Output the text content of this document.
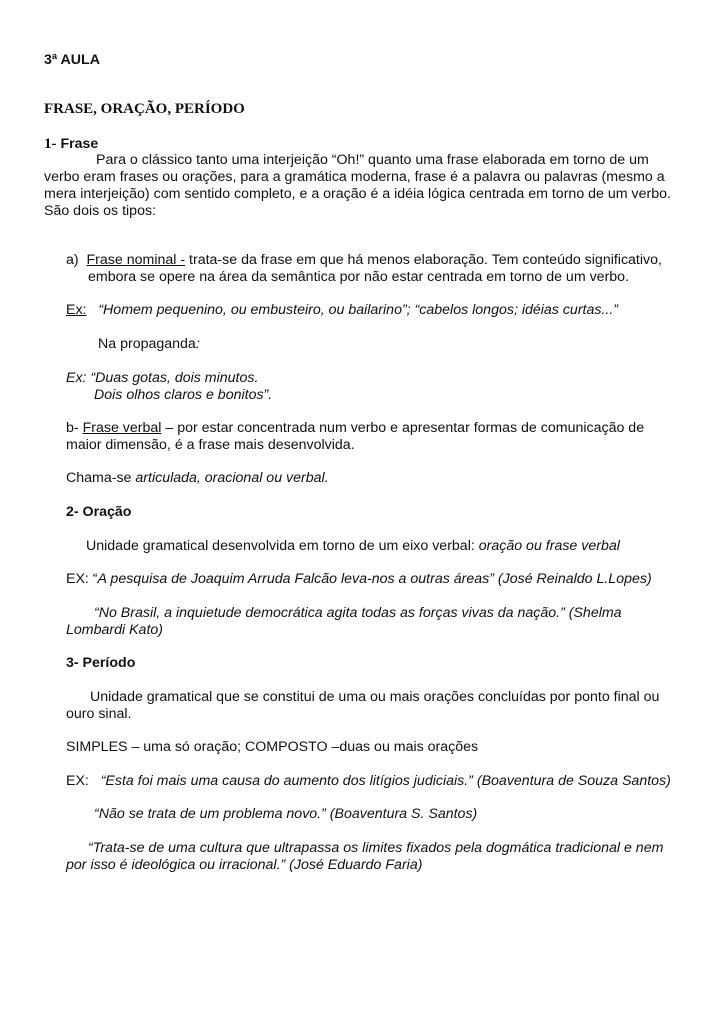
3ª AULA
FRASE, ORAÇÃO, PERÍODO
1- Frase
Para o clássico tanto uma interjeição “Oh!” quanto uma frase elaborada em torno de um
verbo eram frases ou orações, para a gramática moderna, frase é a palavra ou palavras (mesmo a
mera interjeição) com sentido completo, e a oração é a idéia lógica centrada em torno de um verbo.
São dois os tipos:
a) Frase nominal - trata-se da frase em que há menos elaboração. Tem conteúdo significativo,
embora se opere na área da semântica por não estar centrada em torno de um verbo.
Ex: “Homem pequenino, ou embusteiro, ou bailarino”; “cabelos longos; idéias curtas...”
Na propaganda:
Ex: “Duas gotas, dois minutos.
Dois olhos claros e bonitos”.
b- Frase verbal – por estar concentrada num verbo e apresentar formas de comunicação de
maior dimensão, é a frase mais desenvolvida.
Chama-se articulada, oracional ou verbal.
2- Oração
Unidade gramatical desenvolvida em torno de um eixo verbal: oração ou frase verbal
EX: “A pesquisa de Joaquim Arruda Falcão leva-nos a outras áreas” (José Reinaldo L.Lopes)
“No Brasil, a inquietude democrática agita todas as forças vivas da nação.” (Shelma
Lombardi Kato)
3- Período
Unidade gramatical que se constitui de uma ou mais orações concluídas por ponto final ou
ouro sinal.
SIMPLES – uma só oração; COMPOSTO –duas ou mais orações
EX: “Esta foi mais uma causa do aumento dos litígios judiciais.” (Boaventura de Souza Santos)
“Não se trata de um problema novo.” (Boaventura S. Santos)
“Trata-se de uma cultura que ultrapassa os limites fixados pela dogmática tradicional e nem
por isso é ideológica ou irracional.” (José Eduardo Faria)
